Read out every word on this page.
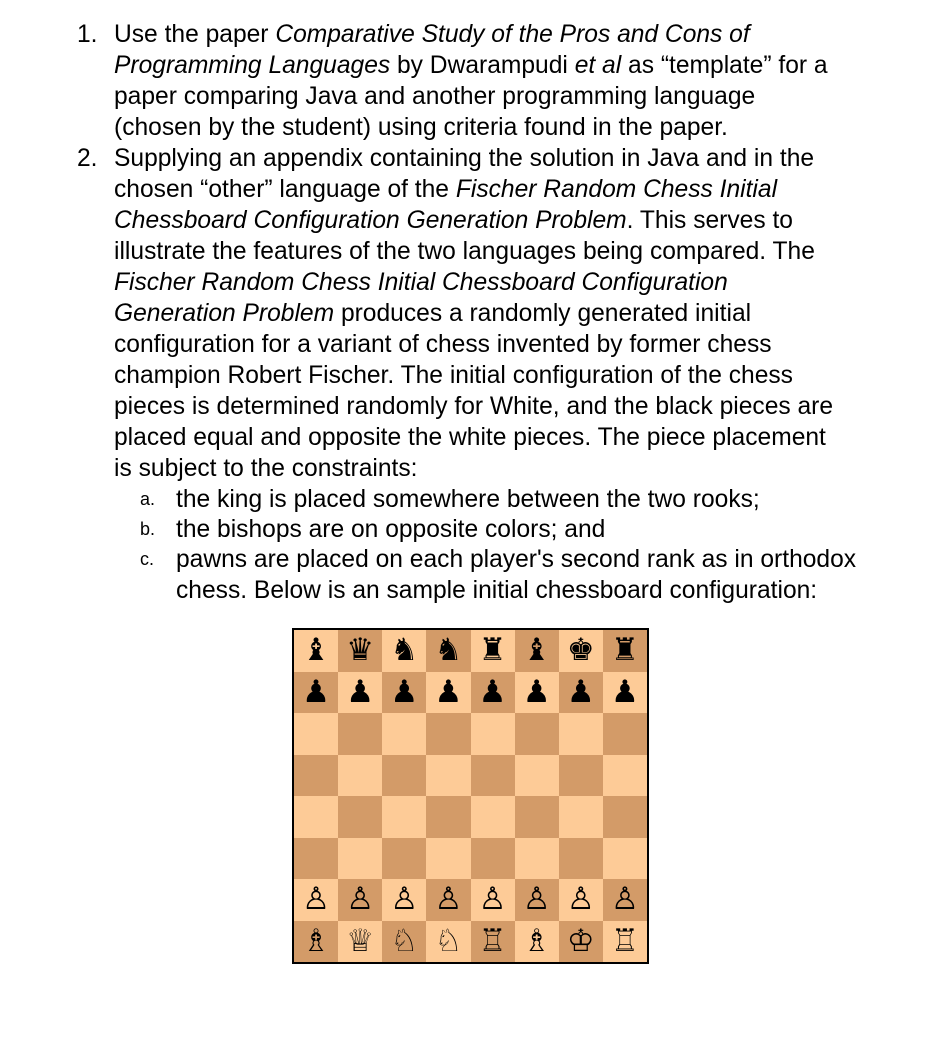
1. Use the paper Comparative Study of the Pros and Cons of
Programming Languages by Dwarampudi et al as “template” for a
paper comparing Java and another programming language
(chosen by the student) using criteria found in the paper.
2. Supplying an appendix containing the solution in Java and in the
chosen “other” language of the Fischer Random Chess Initial
Chessboard Configuration Generation Problem. This serves to
illustrate the features of the two languages being compared. The
Fischer Random Chess Initial Chessboard Configuration
Generation Problem produces a randomly generated initial
configuration for a variant of chess invented by former chess
champion Robert Fischer. The initial configuration of the chess
pieces is determined randomly for White, and the black pieces are
placed equal and opposite the white pieces. The piece placement
is subject to the constraints:
a. the king is placed somewhere between the two rooks;
b. the bishops are on opposite colors; and
c. pawns are placed on each player's second rank as in orthodox
chess. Below is an sample initial chessboard configuration:
♝ ♛ ♞ ♞ ♜ ♝ ♚ ♜
♟ ♟ ♟ ♟ ♟ ♟ ♟ ♟
♙ ♙ ♙ ♙ ♙ ♙ ♙ ♙
♗ ♕ ♘ ♘ ♖ ♗ ♔ ♖
